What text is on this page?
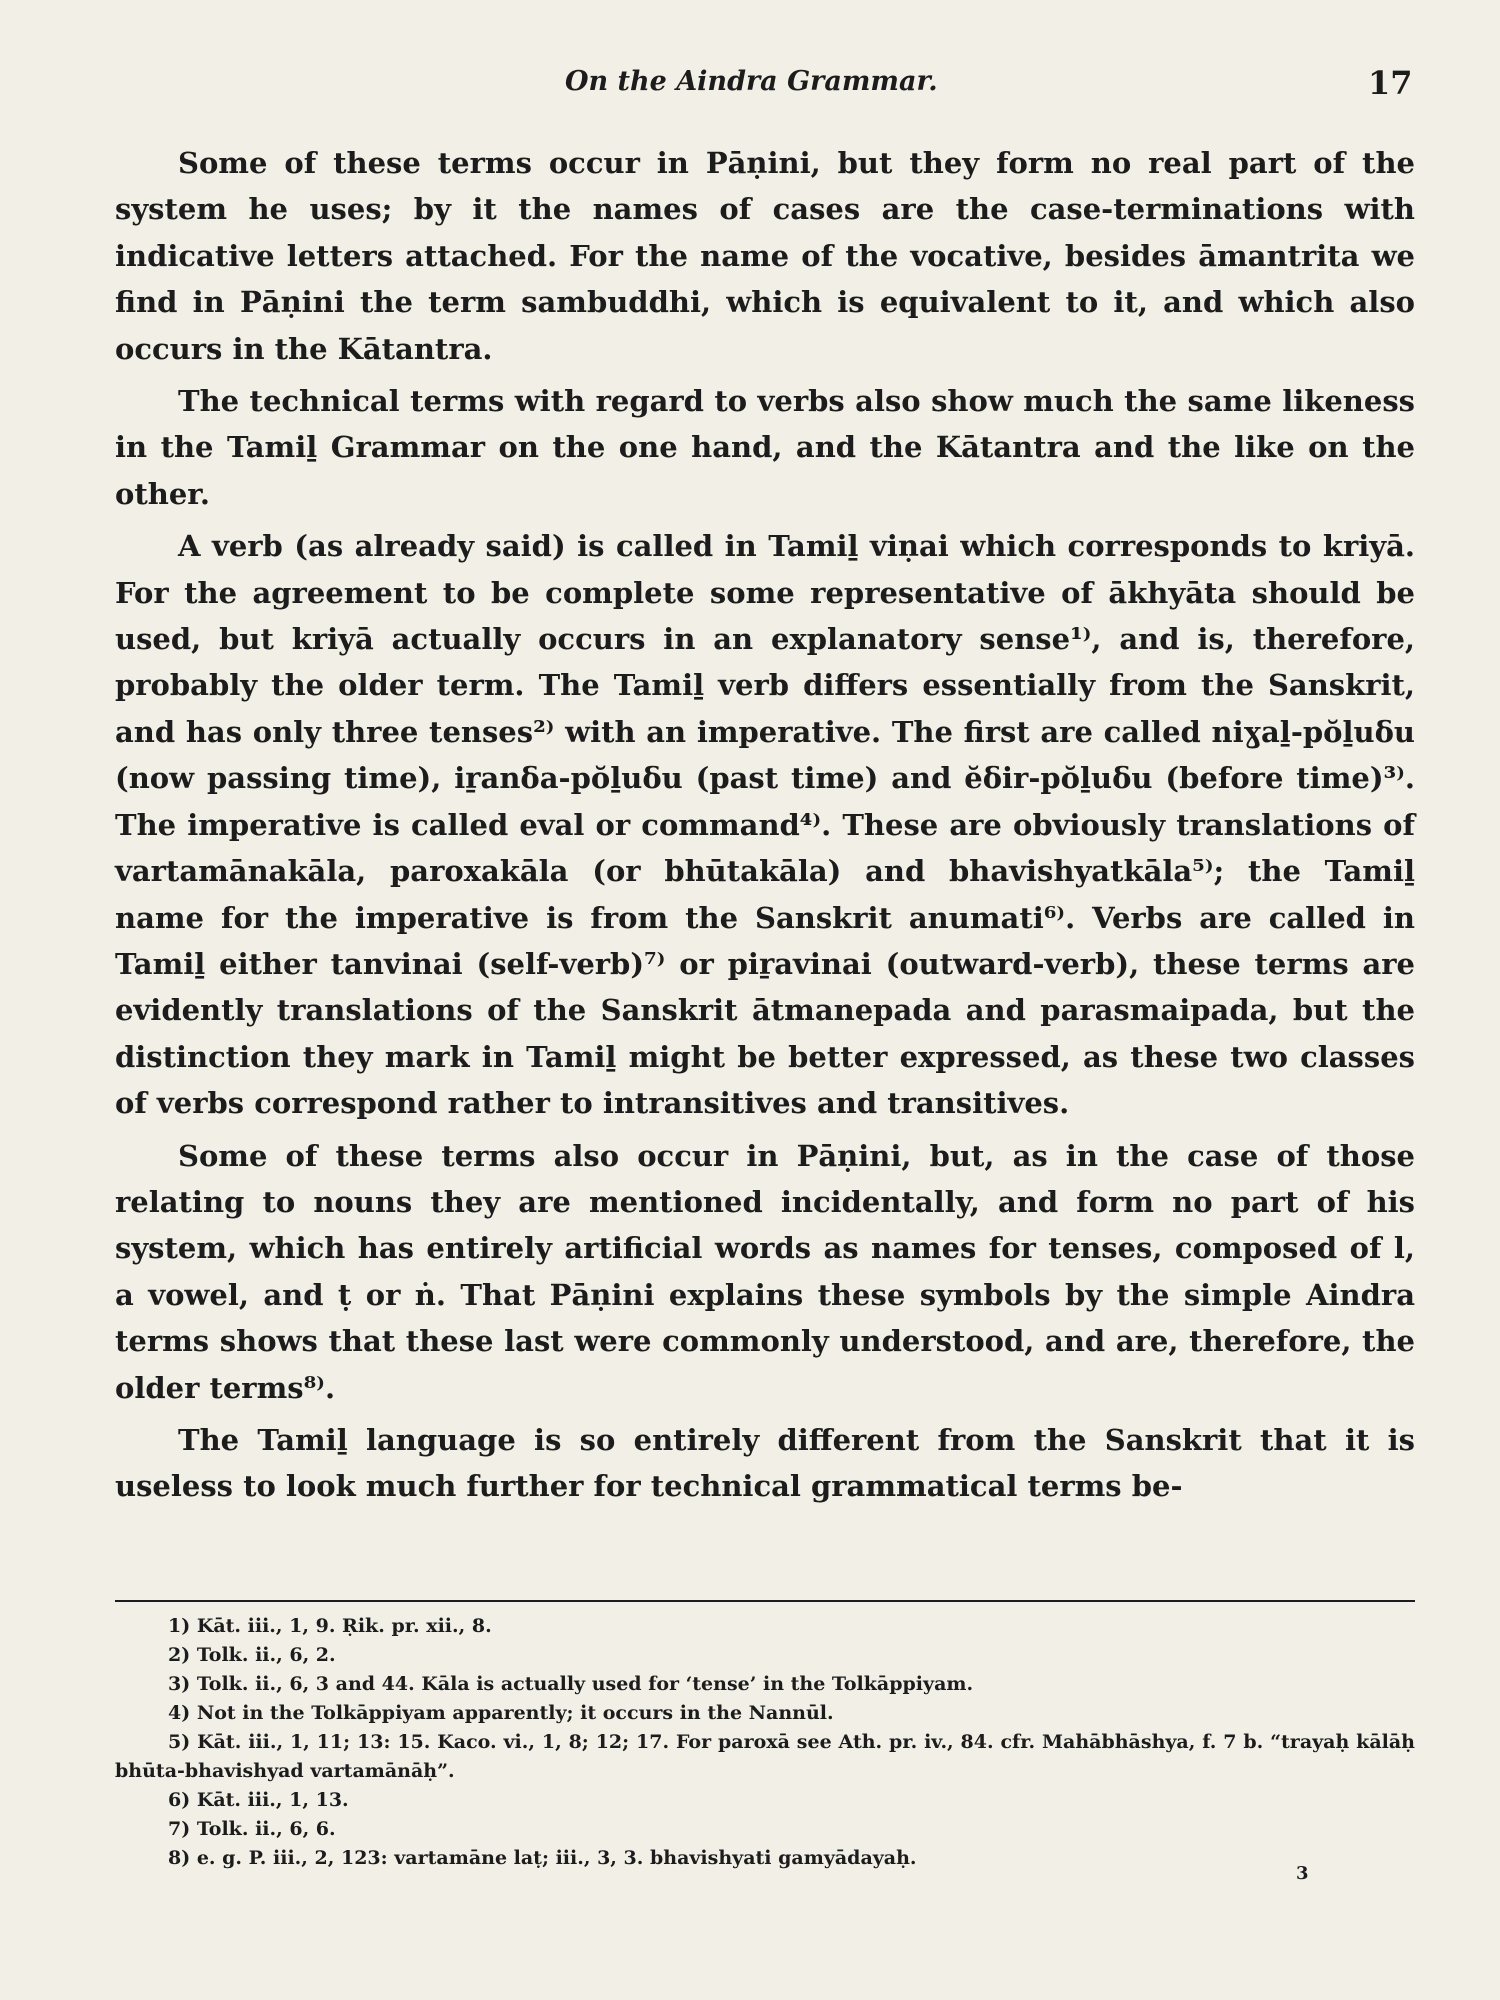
On the Aindra Grammar.	17

Some of these terms occur in Pāṇini, but they form no real part of the system he uses; by it the names of cases are the case-terminations with indicative letters attached. For the name of the vocative, besides āmantrita we find in Pāṇini the term sambuddhi, which is equivalent to it, and which also occurs in the Kātantra.

The technical terms with regard to verbs also show much the same likeness in the Tamiḻ Grammar on the one hand, and the Kātantra and the like on the other.

A verb (as already said) is called in Tamiḻ viṇai which corresponds to kriyā. For the agreement to be complete some representative of ākhyāta should be used, but kriyā actually occurs in an explanatory sense¹⁾, and is, therefore, probably the older term. The Tamiḻ verb differs essentially from the Sanskrit, and has only three tenses²⁾ with an imperative. The first are called niɣaḻ-pŏḻuδu (now passing time), iṟanδa-pŏḻuδu (past time) and ĕδir-pŏḻuδu (before time)³⁾. The imperative is called eval or command⁴⁾. These are obviously translations of vartamānakāla, paroxakāla (or bhūtakāla) and bhavishyatkāla⁵⁾; the Tamiḻ name for the imperative is from the Sanskrit anumati⁶⁾. Verbs are called in Tamiḻ either tanvinai (self-verb)⁷⁾ or piṟavinai (outward-verb), these terms are evidently translations of the Sanskrit ātmanepada and parasmaipada, but the distinction they mark in Tamiḻ might be better expressed, as these two classes of verbs correspond rather to intransitives and transitives.

Some of these terms also occur in Pāṇini, but, as in the case of those relating to nouns they are mentioned incidentally, and form no part of his system, which has entirely artificial words as names for tenses, composed of l, a vowel, and ṭ or ṅ. That Pāṇini explains these symbols by the simple Aindra terms shows that these last were commonly understood, and are, therefore, the older terms⁸⁾.

The Tamiḻ language is so entirely different from the Sanskrit that it is useless to look much further for technical grammatical terms be-

1) Kāt. iii., 1, 9. Ṛik. pr. xii., 8.

2) Tolk. ii., 6, 2.

3) Tolk. ii., 6, 3 and 44. Kāla is actually used for ‘tense’ in the Tolkāppiyam.

4) Not in the Tolkāppiyam apparently; it occurs in the Nannūl.

5) Kāt. iii., 1, 11; 13: 15. Kaco. vi., 1, 8; 12; 17. For paroxā see Ath. pr. iv., 84. cfr. Mahābhāshya, f. 7 b. “trayaḥ kālāḥ bhūta-bhavishyad vartamānāḥ”.

6) Kāt. iii., 1, 13.

7) Tolk. ii., 6, 6.

8) e. g. P. iii., 2, 123: vartamāne laṭ; iii., 3, 3. bhavishyati gamyādayaḥ.

3
